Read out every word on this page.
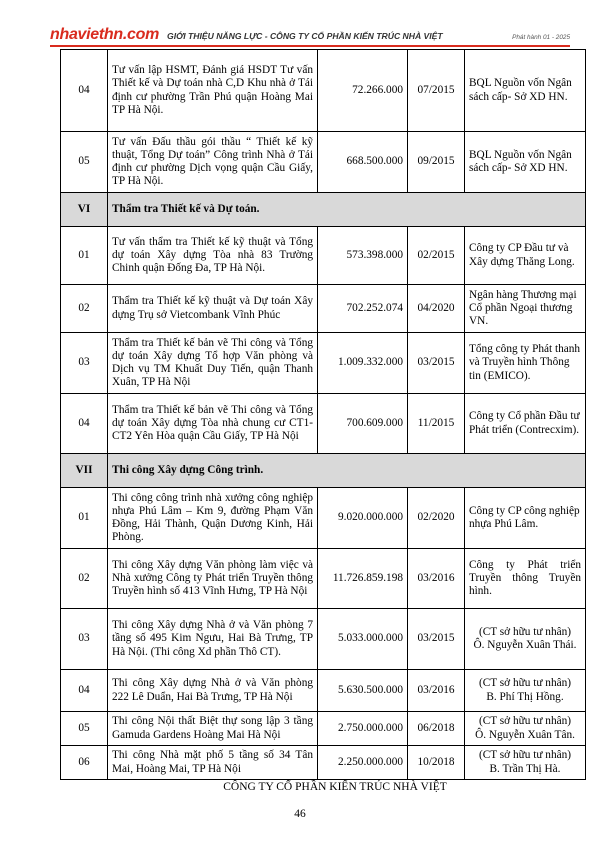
nhaviethn.com GIỚI THIỆU NĂNG LỰC - CÔNG TY CỔ PHẦN KIẾN TRÚC NHÀ VIỆT	Phát hành 01 - 2025
04	Tư vấn lập HSMT, Đánh giá HSDT Tư vấn Thiết kế và Dự toán nhà C,D Khu nhà ở Tái định cư phường Trần Phú quận Hoàng Mai TP Hà Nội.	72.266.000	07/2015	BQL Nguồn vốn Ngân sách cấp- Sở XD HN.
05	Tư vấn Đấu thầu gói thầu “ Thiết kế kỹ thuật, Tổng Dự toán” Công trình Nhà ở Tái định cư phường Dịch vọng quận Cầu Giấy, TP Hà Nội.	668.500.000	09/2015	BQL Nguồn vốn Ngân sách cấp- Sở XD HN.
VI	Thẩm tra Thiết kế và Dự toán.			
01	Tư vấn thẩm tra Thiết kế kỹ thuật và Tổng dự toán Xây dựng Tòa nhà 83 Trường Chinh quận Đống Đa, TP Hà Nội.	573.398.000	02/2015	Công ty CP Đầu tư và Xây dựng Thăng Long.
02	Thẩm tra Thiết kế kỹ thuật và Dự toán Xây dựng Trụ sở Vietcombank Vĩnh Phúc	702.252.074	04/2020	Ngân hàng Thương mại Cổ phần Ngoại thương VN.
03	Thẩm tra Thiết kế bản vẽ Thi công và Tổng dự toán Xây dựng Tổ hợp Văn phòng và Dịch vụ TM Khuất Duy Tiến, quận Thanh Xuân, TP Hà Nội	1.009.332.000	03/2015	Tổng công ty Phát thanh và Truyền hình Thông tin (EMICO).
04	Thẩm tra Thiết kế bản vẽ Thi công và Tổng dự toán Xây dựng Tòa nhà chung cư CT1-CT2 Yên Hòa quận Cầu Giấy, TP Hà Nội	700.609.000	11/2015	Công ty Cổ phần Đầu tư Phát triển (Contrecxim).
VII	Thi công Xây dựng Công trình.			
01	Thi công công trình nhà xưởng công nghiệp nhựa Phú Lâm – Km 9, đường Phạm Văn Đồng, Hải Thành, Quận Dương Kinh, Hải Phòng.	9.020.000.000	02/2020	Công ty CP công nghiệp nhựa Phú Lâm.
02	Thi công Xây dựng Văn phòng làm việc và Nhà xưởng Công ty Phát triển Truyền thông Truyền hình số 413 Vĩnh Hưng, TP Hà Nội	11.726.859.198	03/2016	Công ty Phát triển Truyền thông Truyền hình.
03	Thi công Xây dựng Nhà ở và Văn phòng 7 tầng số 495 Kim Ngưu, Hai Bà Trưng, TP Hà Nội. (Thi công Xd phần Thô CT).	5.033.000.000	03/2015	(CT sở hữu tư nhân)
Ô. Nguyễn Xuân Thái.
04	Thi công Xây dựng Nhà ở và Văn phòng 222 Lê Duẩn, Hai Bà Trưng, TP Hà Nội	5.630.500.000	03/2016	(CT sở hữu tư nhân)
B. Phí Thị Hồng.
05	Thi công Nội thất Biệt thự song lập 3 tầng Gamuda Gardens Hoàng Mai Hà Nội	2.750.000.000	06/2018	(CT sở hữu tư nhân)
Ô. Nguyễn Xuân Tân.
06	Thi công Nhà mặt phố 5 tầng số 34 Tân Mai, Hoàng Mai, TP Hà Nội	2.250.000.000	10/2018	(CT sở hữu tư nhân)
B. Trần Thị Hà.
CÔNG TY CỔ PHẦN KIẾN TRÚC NHÀ VIỆT
46
